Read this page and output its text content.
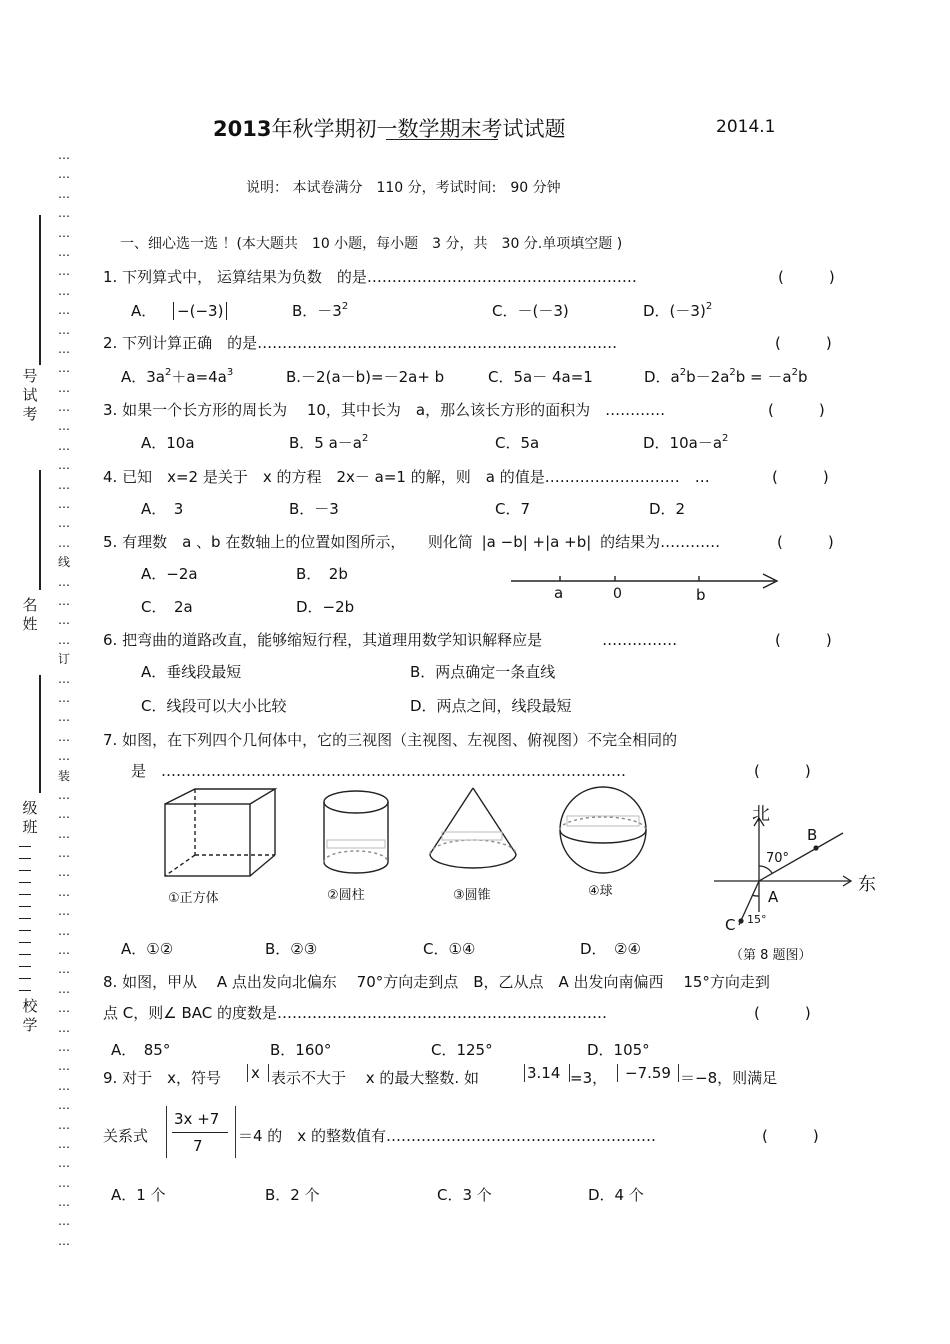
…
…
…
…
…
…
…
…
…
…
…
…
…
…
…
…
…
…
…
…
…
线
…
…
…
…
订
…
…
…
…
…
装
…
…
…
…
…
…
…
…
…
…
…
…
…
…
…
…
…
…
…
…
…
…
…
…
号
试
考
名
姓
级
班
校
学
2013年秋学期初一数学期末考试试题	2014.1
说明： 本试卷满分　110 分，考试时间:　90 分钟
一、细心选一选 ！(本大题共　10 小题，每小题　3 分，共　30 分.单项填空题 )
1. 下列算式中， 运算结果为负数　的是………………………………………………	(　　　)
A． −(−3)	B．$-3^2$	C．－(－3)	D．$(-3)^2$
2. 下列计算正确　的是………………………………………………………………	(　　　)
A．$3a^2+a=4a^3$	B.－2(a－b)=－2a+ b	C．5a－ 4a=1	D．$a^2b-2a^2b = -a^2b$
3. 如果一个长方形的周长为　 10，其中长为　a，那么该长方形的面积为　…………	(　　　)
A．10a	B．5 $a-a^2$	C．5a	D．$10a-a^2$
4. 已知　x=2 是关于　x 的方程　2x－ a=1 的解，则　a 的值是………………………　…	(　　　)
A．　3	B．－3	C．7	D．2
5. 有理数　a 、b 在数轴上的位置如图所示，　　则化简 |a −b| +|a +b| 的结果为…………	(　　　)
A．−2a	B．　2b
C．　2a	D．−2b
a	0	b
6. 把弯曲的道路改直，能够缩短行程，其道理用数学知识解释应是　　　　……………	(　　　)
A．垂线段最短	B．两点确定一条直线
C．线段可以大小比较	D．两点之间，线段最短
7. 如图，在下列四个几何体中，它的三视图（主视图、左视图、俯视图）不完全相同的
是　…………………………………………………………………………………	(　　　)
①正方体	②圆柱	③圆锥	④球
A．①②	B．②③	C．①④	D．　②④
北
东
B
70°
A
C 15°
（第 8 题图）
8. 如图，甲从　 A 点出发向北偏东　 70°方向走到点　B，乙从点　A 出发向南偏西　 15°方向走到
点 C，则∠ BAC 的度数是…………………………………………………………	(　　　)
A．　85°	B．160°	C．125°	D．105°
9. 对于　x，符号 x 表示不大于　 x 的最大整数. 如	3.14 =3， −7.59 ＝−8，则满足
关系式
3x +7
7
＝4 的　x 的整数值有………………………………………………	(　　　)
A．1 个	B．2 个	C．3 个	D．4 个
